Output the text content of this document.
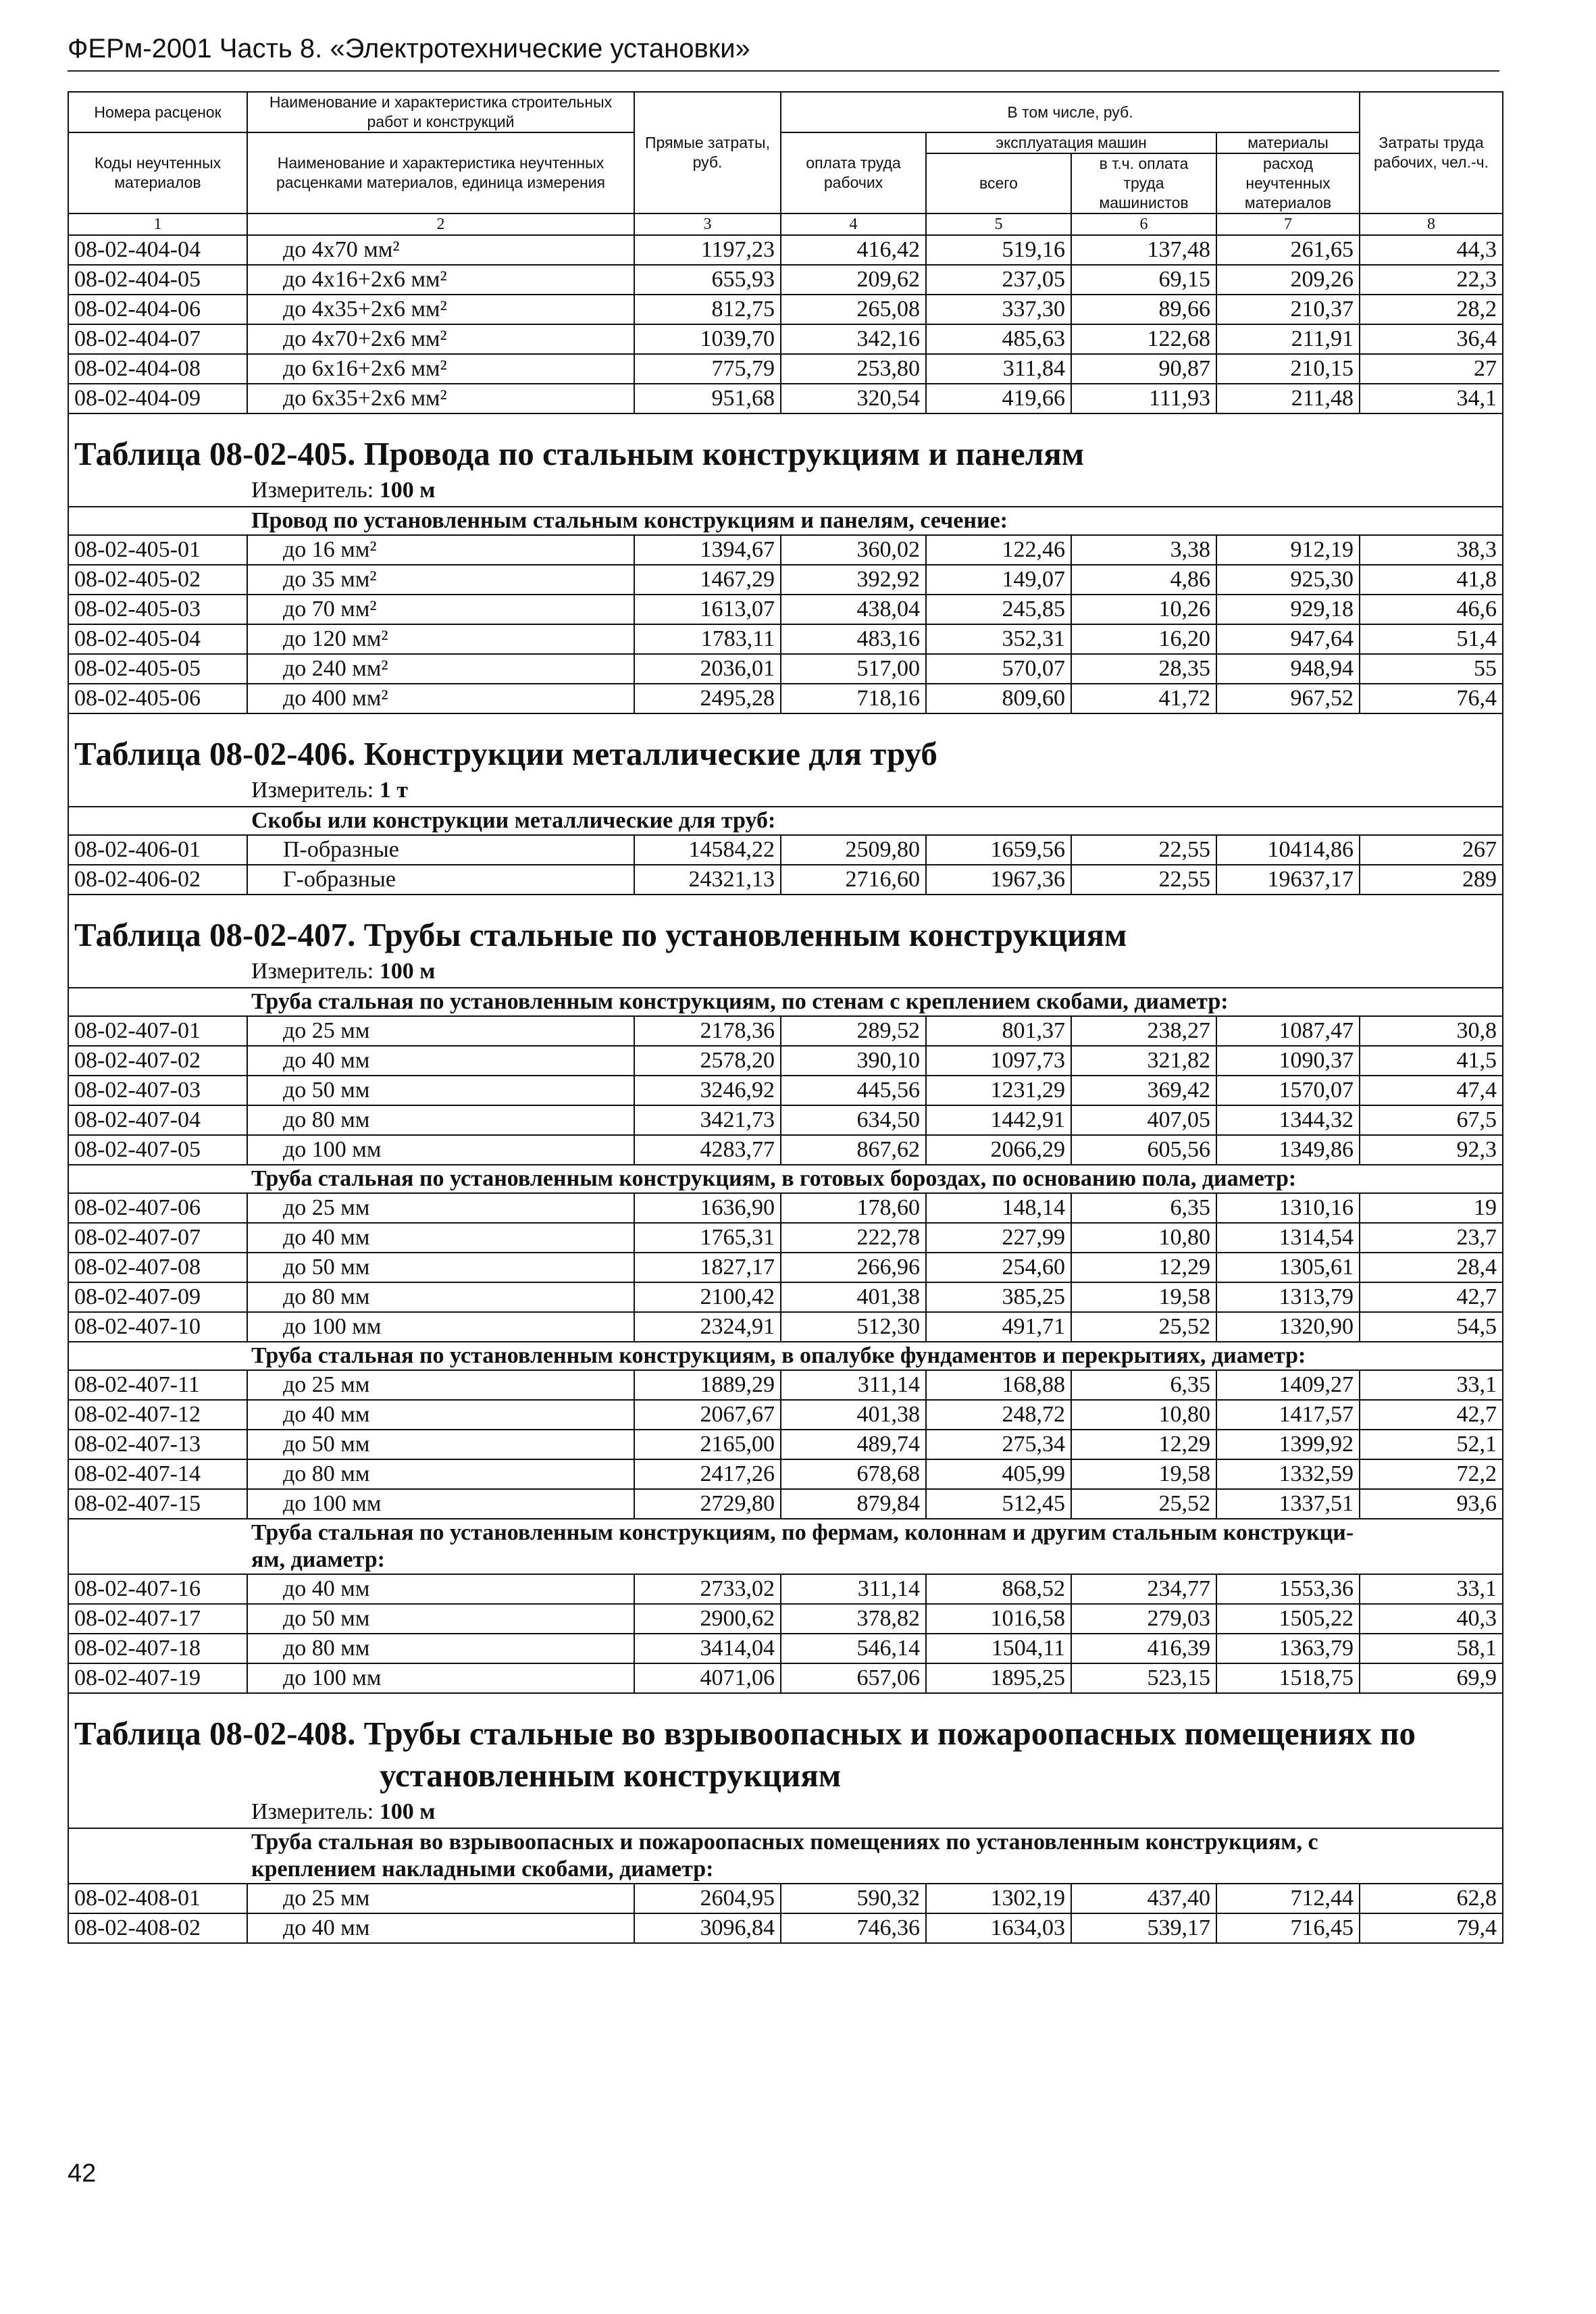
ФЕРм-2001 Часть 8. «Электротехнические установки»
Номера расценок	Наименование и характеристика строительных работ и конструкций	Прямые затраты, руб.	В том числе, руб.				Затраты труда рабочих, чел.-ч.
Коды неучтенных материалов	Наименование и характеристика неучтенных расценками материалов, единица измерения		оплата труда рабочих	эксплуатация машин		материалы	
				всего	в т.ч. оплата труда машинистов	расход неучтенных материалов	

1	2	3	4	5	6	7	8
08-02-404-04	до 4х70 мм²	1197,23	416,42	519,16	137,48	261,65	44,3
08-02-404-05	до 4х16+2х6 мм²	655,93	209,62	237,05	69,15	209,26	22,3
08-02-404-06	до 4х35+2х6 мм²	812,75	265,08	337,30	89,66	210,37	28,2
08-02-404-07	до 4х70+2х6 мм²	1039,70	342,16	485,63	122,68	211,91	36,4
08-02-404-08	до 6х16+2х6 мм²	775,79	253,80	311,84	90,87	210,15	27
08-02-404-09	до 6х35+2х6 мм²	951,68	320,54	419,66	111,93	211,48	34,1

Таблица 08-02-405. Провода по стальным конструкциям и панелям							
Измеритель: 100 м							
Провод по установленным стальным конструкциям и панелям, сечение:							
08-02-405-01	до 16 мм²	1394,67	360,02	122,46	3,38	912,19	38,3
08-02-405-02	до 35 мм²	1467,29	392,92	149,07	4,86	925,30	41,8
08-02-405-03	до 70 мм²	1613,07	438,04	245,85	10,26	929,18	46,6
08-02-405-04	до 120 мм²	1783,11	483,16	352,31	16,20	947,64	51,4
08-02-405-05	до 240 мм²	2036,01	517,00	570,07	28,35	948,94	55
08-02-405-06	до 400 мм²	2495,28	718,16	809,60	41,72	967,52	76,4

Таблица 08-02-406. Конструкции металлические для труб							
Измеритель: 1 т							
Скобы или конструкции металлические для труб:							
08-02-406-01	П-образные	14584,22	2509,80	1659,56	22,55	10414,86	267
08-02-406-02	Г-образные	24321,13	2716,60	1967,36	22,55	19637,17	289

Таблица 08-02-407. Трубы стальные по установленным конструкциям							
Измеритель: 100 м							
Труба стальная по установленным конструкциям, по стенам с креплением скобами, диаметр:							
08-02-407-01	до 25 мм	2178,36	289,52	801,37	238,27	1087,47	30,8
08-02-407-02	до 40 мм	2578,20	390,10	1097,73	321,82	1090,37	41,5
08-02-407-03	до 50 мм	3246,92	445,56	1231,29	369,42	1570,07	47,4
08-02-407-04	до 80 мм	3421,73	634,50	1442,91	407,05	1344,32	67,5
08-02-407-05	до 100 мм	4283,77	867,62	2066,29	605,56	1349,86	92,3
Труба стальная по установленным конструкциям, в готовых бороздах, по основанию пола, диаметр:							
08-02-407-06	до 25 мм	1636,90	178,60	148,14	6,35	1310,16	19
08-02-407-07	до 40 мм	1765,31	222,78	227,99	10,80	1314,54	23,7
08-02-407-08	до 50 мм	1827,17	266,96	254,60	12,29	1305,61	28,4
08-02-407-09	до 80 мм	2100,42	401,38	385,25	19,58	1313,79	42,7
08-02-407-10	до 100 мм	2324,91	512,30	491,71	25,52	1320,90	54,5
Труба стальная по установленным конструкциям, в опалубке фундаментов и перекрытиях, диаметр:							
08-02-407-11	до 25 мм	1889,29	311,14	168,88	6,35	1409,27	33,1
08-02-407-12	до 40 мм	2067,67	401,38	248,72	10,80	1417,57	42,7
08-02-407-13	до 50 мм	2165,00	489,74	275,34	12,29	1399,92	52,1
08-02-407-14	до 80 мм	2417,26	678,68	405,99	19,58	1332,59	72,2
08-02-407-15	до 100 мм	2729,80	879,84	512,45	25,52	1337,51	93,6

Труба стальная по установленным конструкциям, по фермам, колоннам и другим стальным конструкци-
ям, диаметр:							

08-02-407-16	до 40 мм	2733,02	311,14	868,52	234,77	1553,36	33,1
08-02-407-17	до 50 мм	2900,62	378,82	1016,58	279,03	1505,22	40,3
08-02-407-18	до 80 мм	3414,04	546,14	1504,11	416,39	1363,79	58,1
08-02-407-19	до 100 мм	4071,06	657,06	1895,25	523,15	1518,75	69,9

Таблица 08-02-408. Трубы стальные во взрывоопасных и пожароопасных помещениях по
установленным конструкциям							

Измеритель: 100 м							

Труба стальная во взрывоопасных и пожароопасных помещениях по установленным конструкциям, с
креплением накладными скобами, диаметр:							

08-02-408-01	до 25 мм	2604,95	590,32	1302,19	437,40	712,44	62,8
08-02-408-02	до 40 мм	3096,84	746,36	1634,03	539,17	716,45	79,4
42
